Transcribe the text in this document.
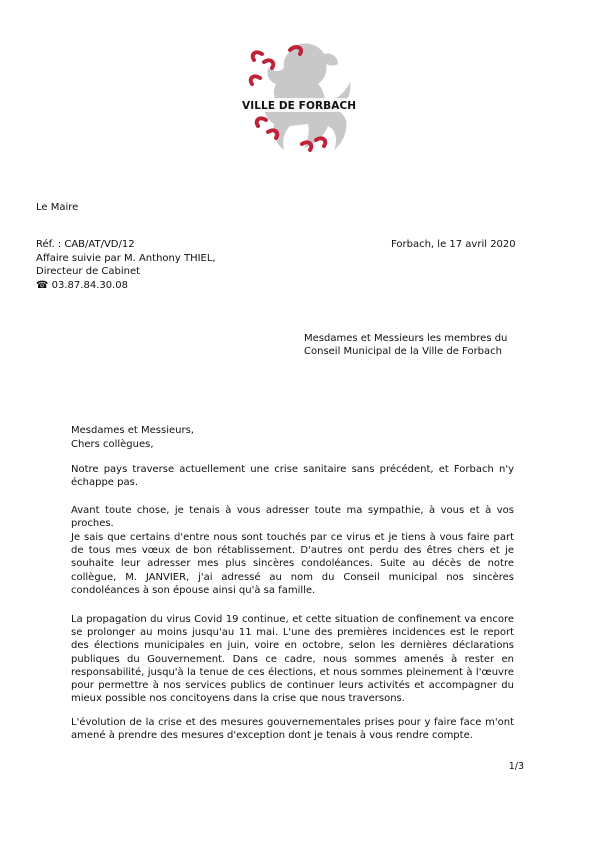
VILLE DE FORBACH
Le Maire
Réf. : CAB/AT/VD/12
Affaire suivie par M. Anthony THIEL,
Directeur de Cabinet
☎ 03.87.84.30.08
Forbach, le 17 avril 2020
Mesdames et Messieurs les membres du
Conseil Municipal de la Ville de Forbach
Mesdames et Messieurs,
Chers collègues,

Notre pays traverse actuellement une crise sanitaire sans précédent, et Forbach n'y échappe pas.

Avant toute chose, je tenais à vous adresser toute ma sympathie, à vous et à vos proches.

Je sais que certains d'entre nous sont touchés par ce virus et je tiens à vous faire part de tous mes vœux de bon rétablissement. D'autres ont perdu des êtres chers et je souhaite leur adresser mes plus sincères condoléances. Suite au décès de notre collègue, M. JANVIER, j'ai adressé au nom du Conseil municipal nos sincères condoléances à son épouse ainsi qu'à sa famille.

La propagation du virus Covid 19 continue, et cette situation de confinement va encore se prolonger au moins jusqu'au 11 mai. L'une des premières incidences est le report des élections municipales en juin, voire en octobre, selon les dernières déclarations publiques du Gouvernement. Dans ce cadre, nous sommes amenés à rester en responsabilité, jusqu'à la tenue de ces élections, et nous sommes pleinement à l'œuvre pour permettre à nos services publics de continuer leurs activités et accompagner du mieux possible nos concitoyens dans la crise que nous traversons.

L'évolution de la crise et des mesures gouvernementales prises pour y faire face m'ont amené à prendre des mesures d'exception dont je tenais à vous rendre compte.

1/3
